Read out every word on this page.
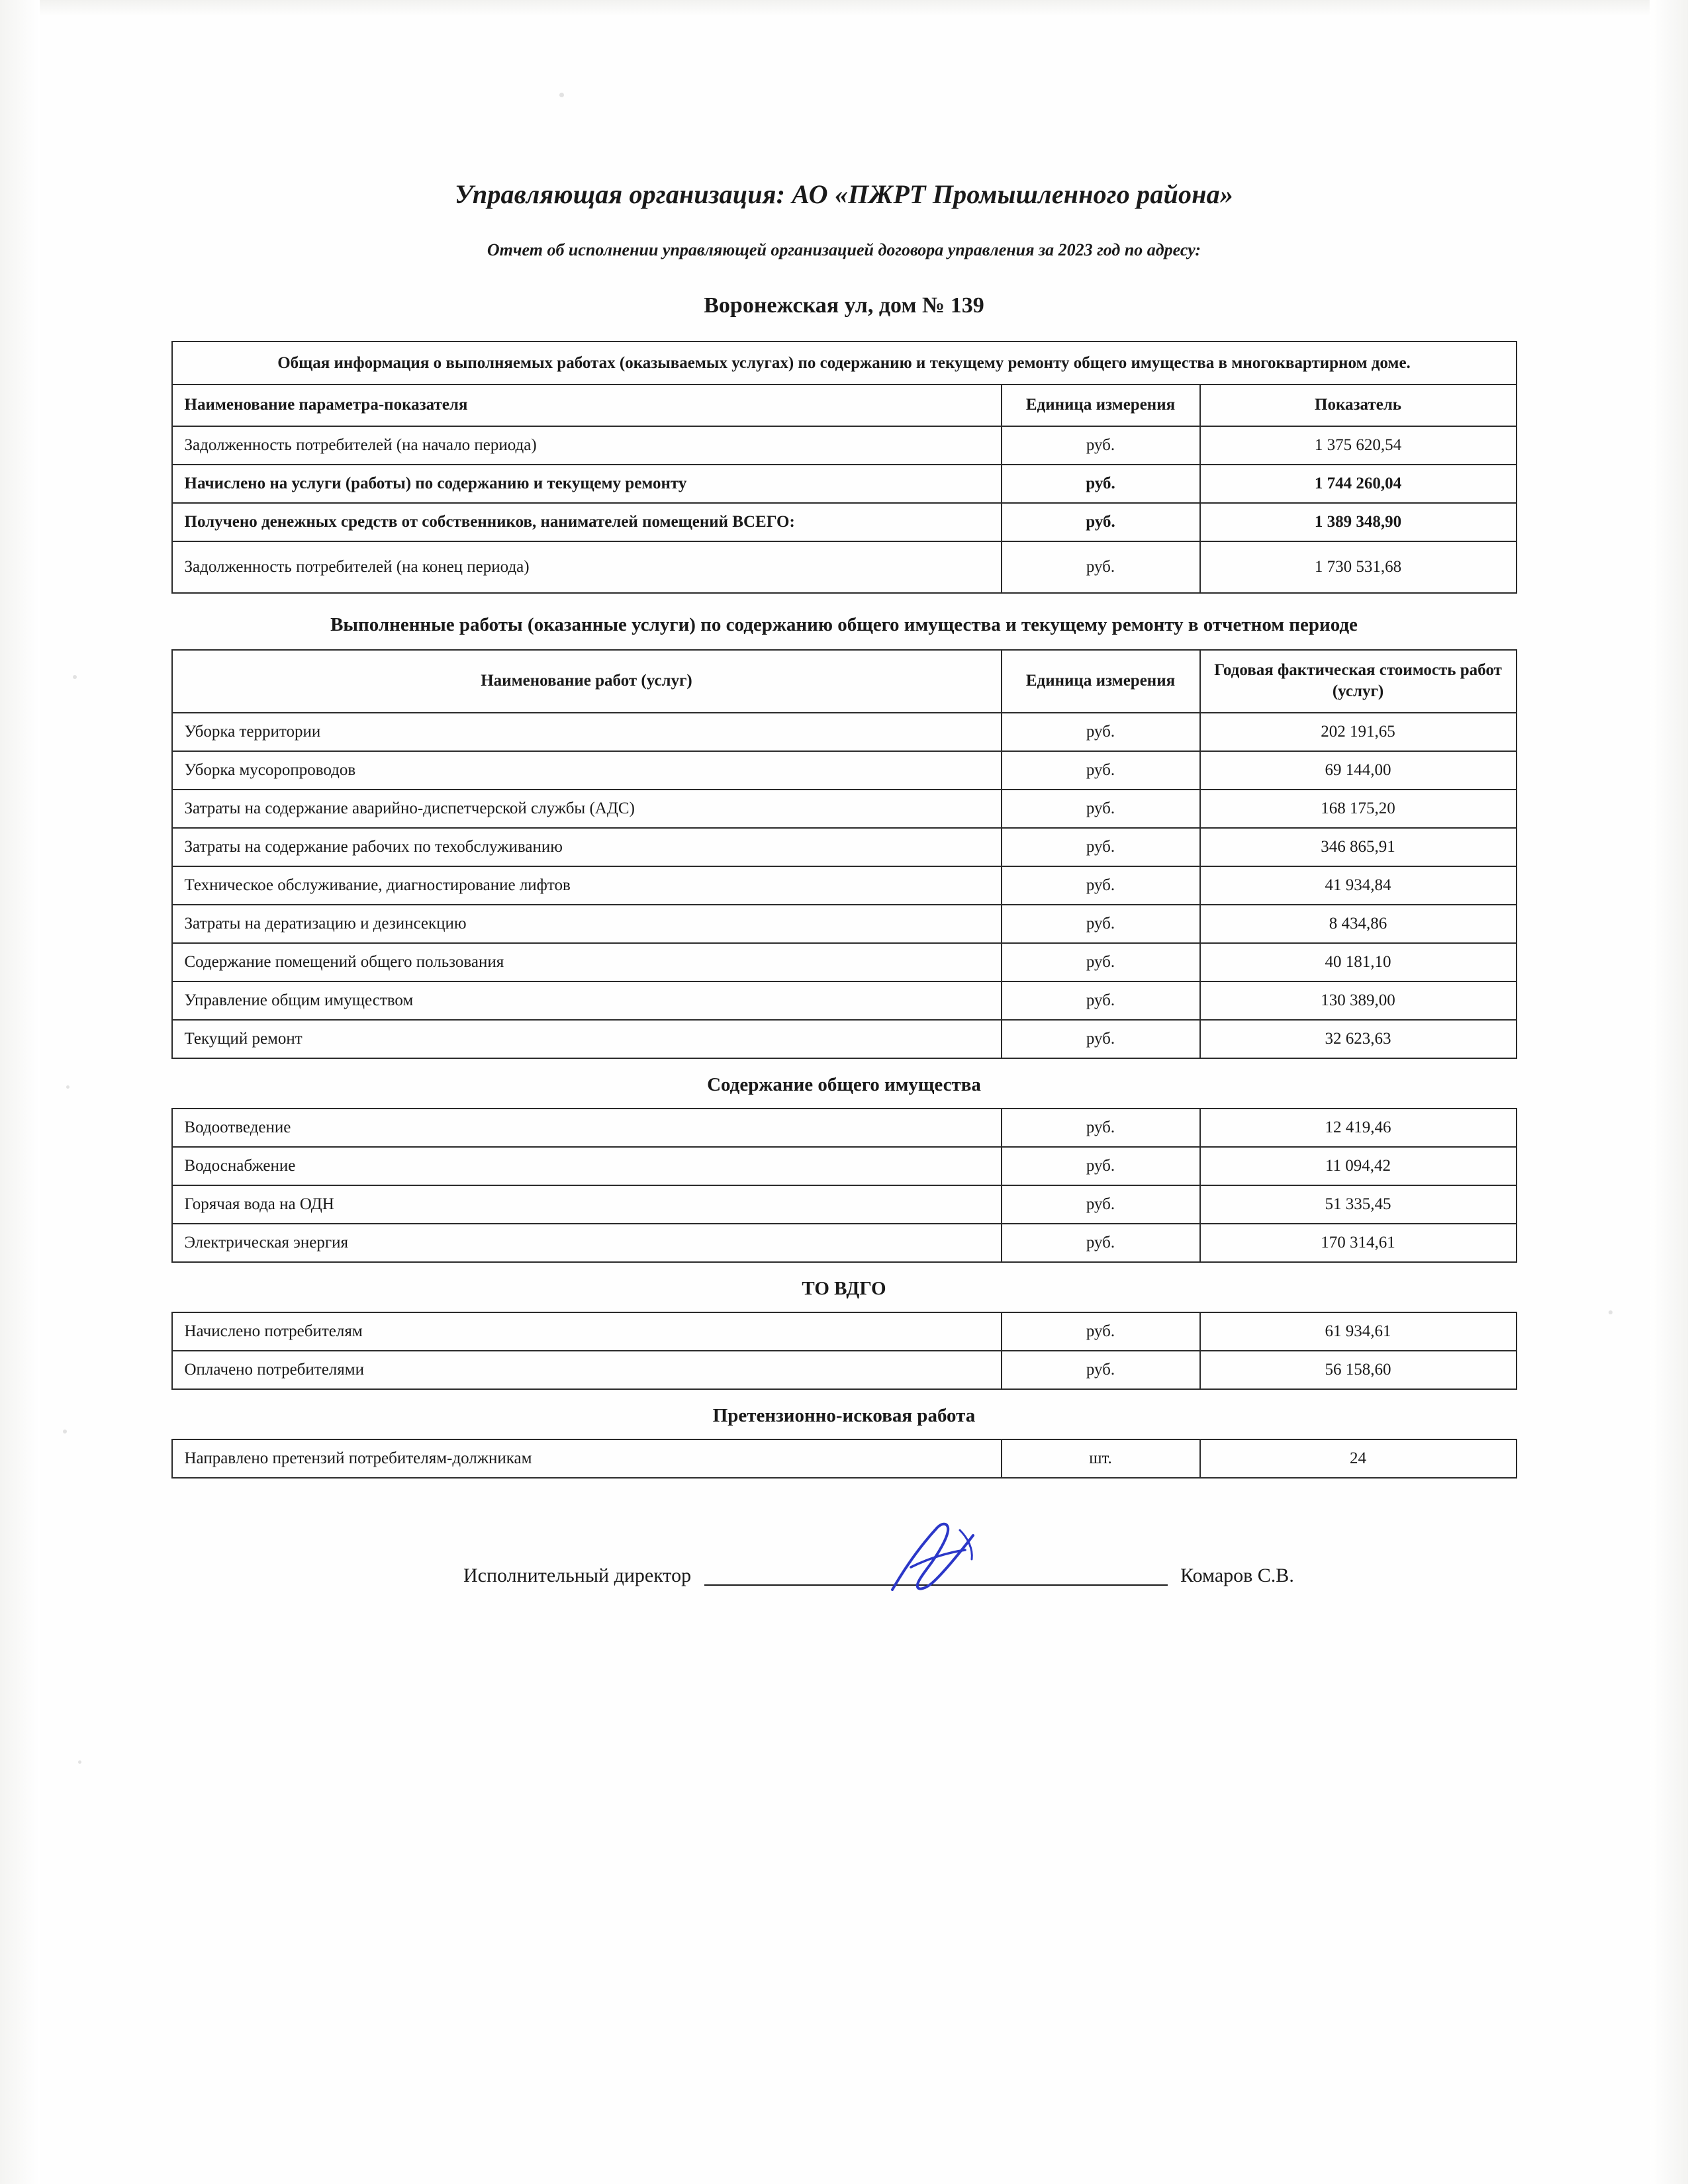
Управляющая организация: АО «ПЖРТ Промышленного района»
Отчет об исполнении управляющей организацией договора управления за 2023 год по адресу:
Воронежская ул, дом № 139
Общая информация о выполняемых работах (оказываемых услугах) по содержанию и текущему ремонту общего имущества в многоквартирном доме.		
Наименование параметра-показателя	Единица измерения	Показатель
Задолженность потребителей (на начало периода)	руб.	1 375 620,54
Начислено на услуги (работы) по содержанию и текущему ремонту	руб.	1 744 260,04
Получено денежных средств от собственников, нанимателей помещений ВСЕГО:	руб.	1 389 348,90
Задолженность потребителей (на конец периода)	руб.	1 730 531,68
Выполненные работы (оказанные услуги) по содержанию общего имущества и текущему ремонту в отчетном периоде
Наименование работ (услуг)	Единица измерения	Годовая фактическая стоимость работ (услуг)
Уборка территории	руб.	202 191,65
Уборка мусоропроводов	руб.	69 144,00
Затраты на содержание аварийно-диспетчерской службы (АДС)	руб.	168 175,20
Затраты на содержание рабочих по техобслуживанию	руб.	346 865,91
Техническое обслуживание, диагностирование лифтов	руб.	41 934,84
Затраты на дератизацию и дезинсекцию	руб.	8 434,86
Содержание помещений общего пользования	руб.	40 181,10
Управление общим имуществом	руб.	130 389,00
Текущий ремонт	руб.	32 623,63
Содержание общего имущества
Водоотведение	руб.	12 419,46
Водоснабжение	руб.	11 094,42
Горячая вода на ОДН	руб.	51 335,45
Электрическая энергия	руб.	170 314,61
ТО ВДГО
Начислено потребителям	руб.	61 934,61
Оплачено потребителями	руб.	56 158,60
Претензионно-исковая работа
Направлено претензий потребителям-должникам	шт.	24
Исполнительный директор	Комаров С.В.
